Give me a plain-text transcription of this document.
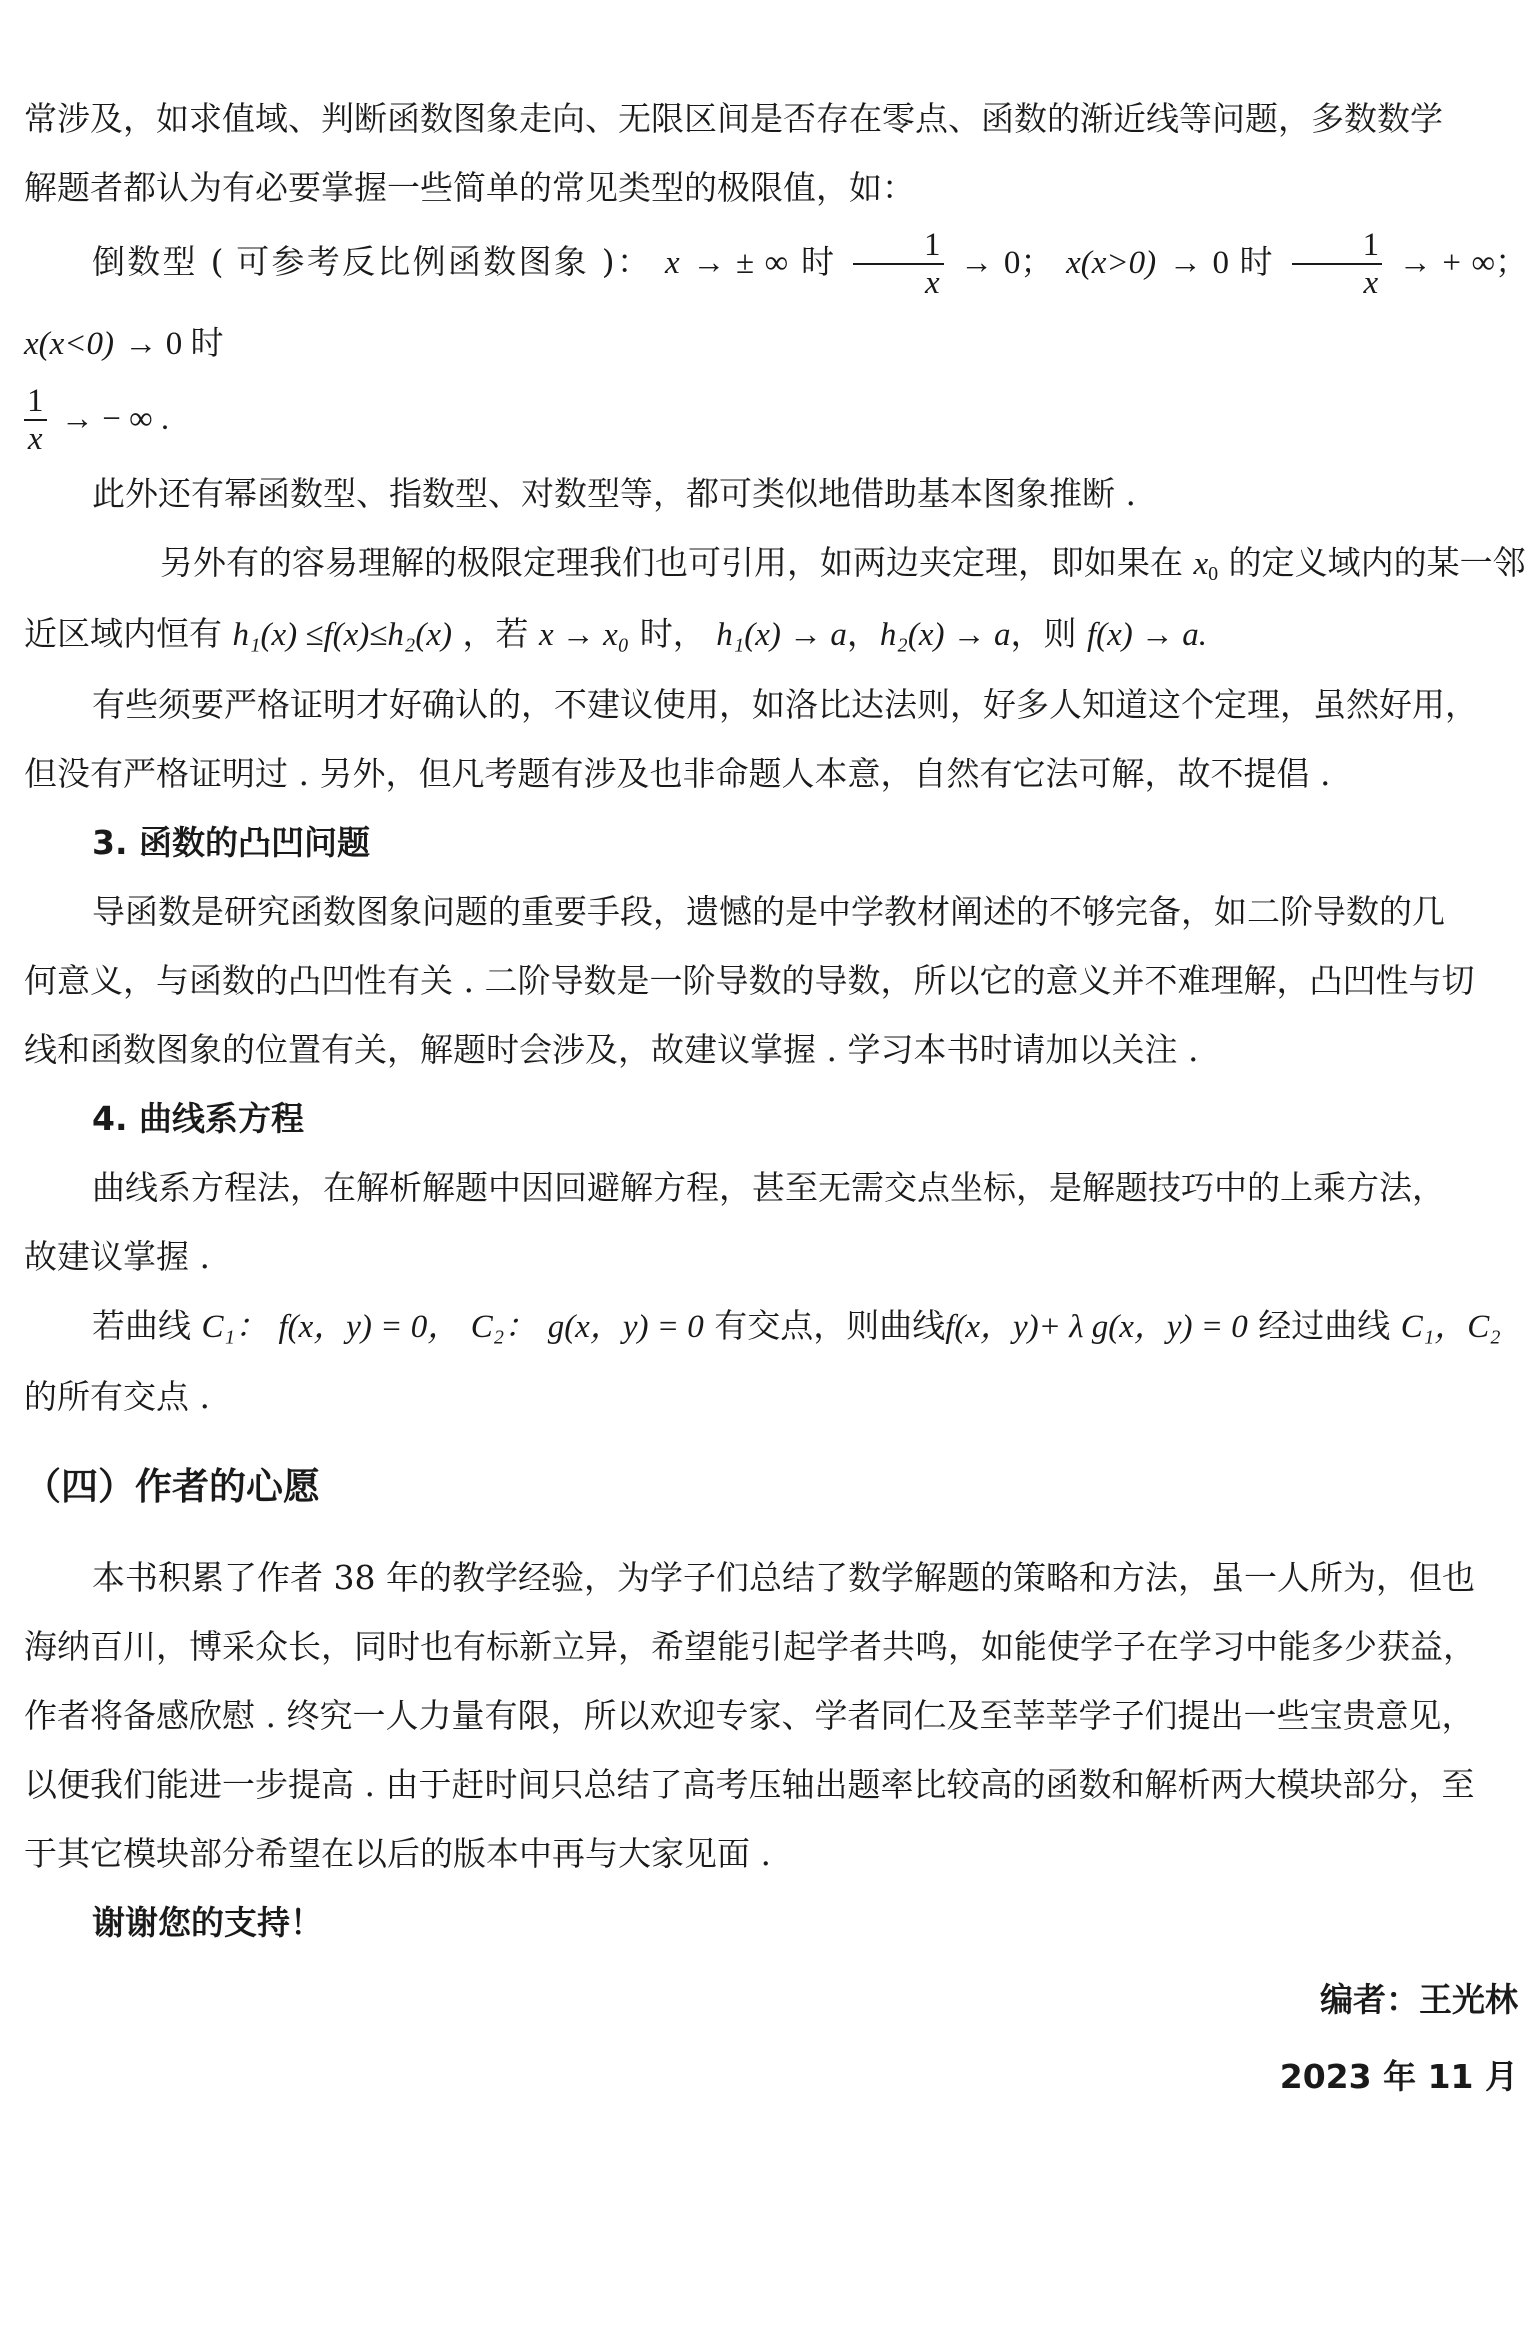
常涉及，如求值域、判断函数图象走向、无限区间是否存在零点、函数的渐近线等问题，多数数学
解题者都认为有必要掌握一些简单的常见类型的极限值，如：

倒数型 ( 可参考反比例函数图象 )： x → ± ∞ 时 $\frac{1}{x} \to 0$； x(x>0) → 0 时 $\frac{1}{x}$ → + ∞； x(x<0) → 0 时

$\frac{1}{x}$ → − ∞ .

此外还有幂函数型、指数型、对数型等，都可类似地借助基本图象推断 .

另外有的容易理解的极限定理我们也可引用，如两边夹定理，即如果在 $x_0$ 的定义域内的某一邻
近区域内恒有 h₁(x) ≤f(x)≤h₂(x) ，若 x → x₀ 时， h₁(x) → a，h₂(x) → a，则 f(x) → a.

有些须要严格证明才好确认的，不建议使用，如洛比达法则，好多人知道这个定理，虽然好用，
但没有严格证明过 . 另外，但凡考题有涉及也非命题人本意，自然有它法可解，故不提倡 .

3. 函数的凸凹问题

导函数是研究函数图象问题的重要手段，遗憾的是中学教材阐述的不够完备，如二阶导数的几
何意义，与函数的凸凹性有关 . 二阶导数是一阶导数的导数，所以它的意义并不难理解，凸凹性与切
线和函数图象的位置有关，解题时会涉及，故建议掌握 . 学习本书时请加以关注 .

4. 曲线系方程

曲线系方程法，在解析解题中因回避解方程，甚至无需交点坐标，是解题技巧中的上乘方法，
故建议掌握 .

若曲线 C₁： f(x，y) = 0， C₂： g(x，y) = 0 有交点，则曲线f(x，y)+ λ g(x，y) = 0 经过曲线 C₁，C₂
的所有交点 .

（四）作者的心愿

本书积累了作者 38 年的教学经验，为学子们总结了数学解题的策略和方法，虽一人所为，但也
海纳百川，博采众长，同时也有标新立异，希望能引起学者共鸣，如能使学子在学习中能多少获益，
作者将备感欣慰 . 终究一人力量有限，所以欢迎专家、学者同仁及至莘莘学子们提出一些宝贵意见，
以便我们能进一步提高 . 由于赶时间只总结了高考压轴出题率比较高的函数和解析两大模块部分，至
于其它模块部分希望在以后的版本中再与大家见面 .

谢谢您的支持！

编者：王光林

2023 年 11 月
